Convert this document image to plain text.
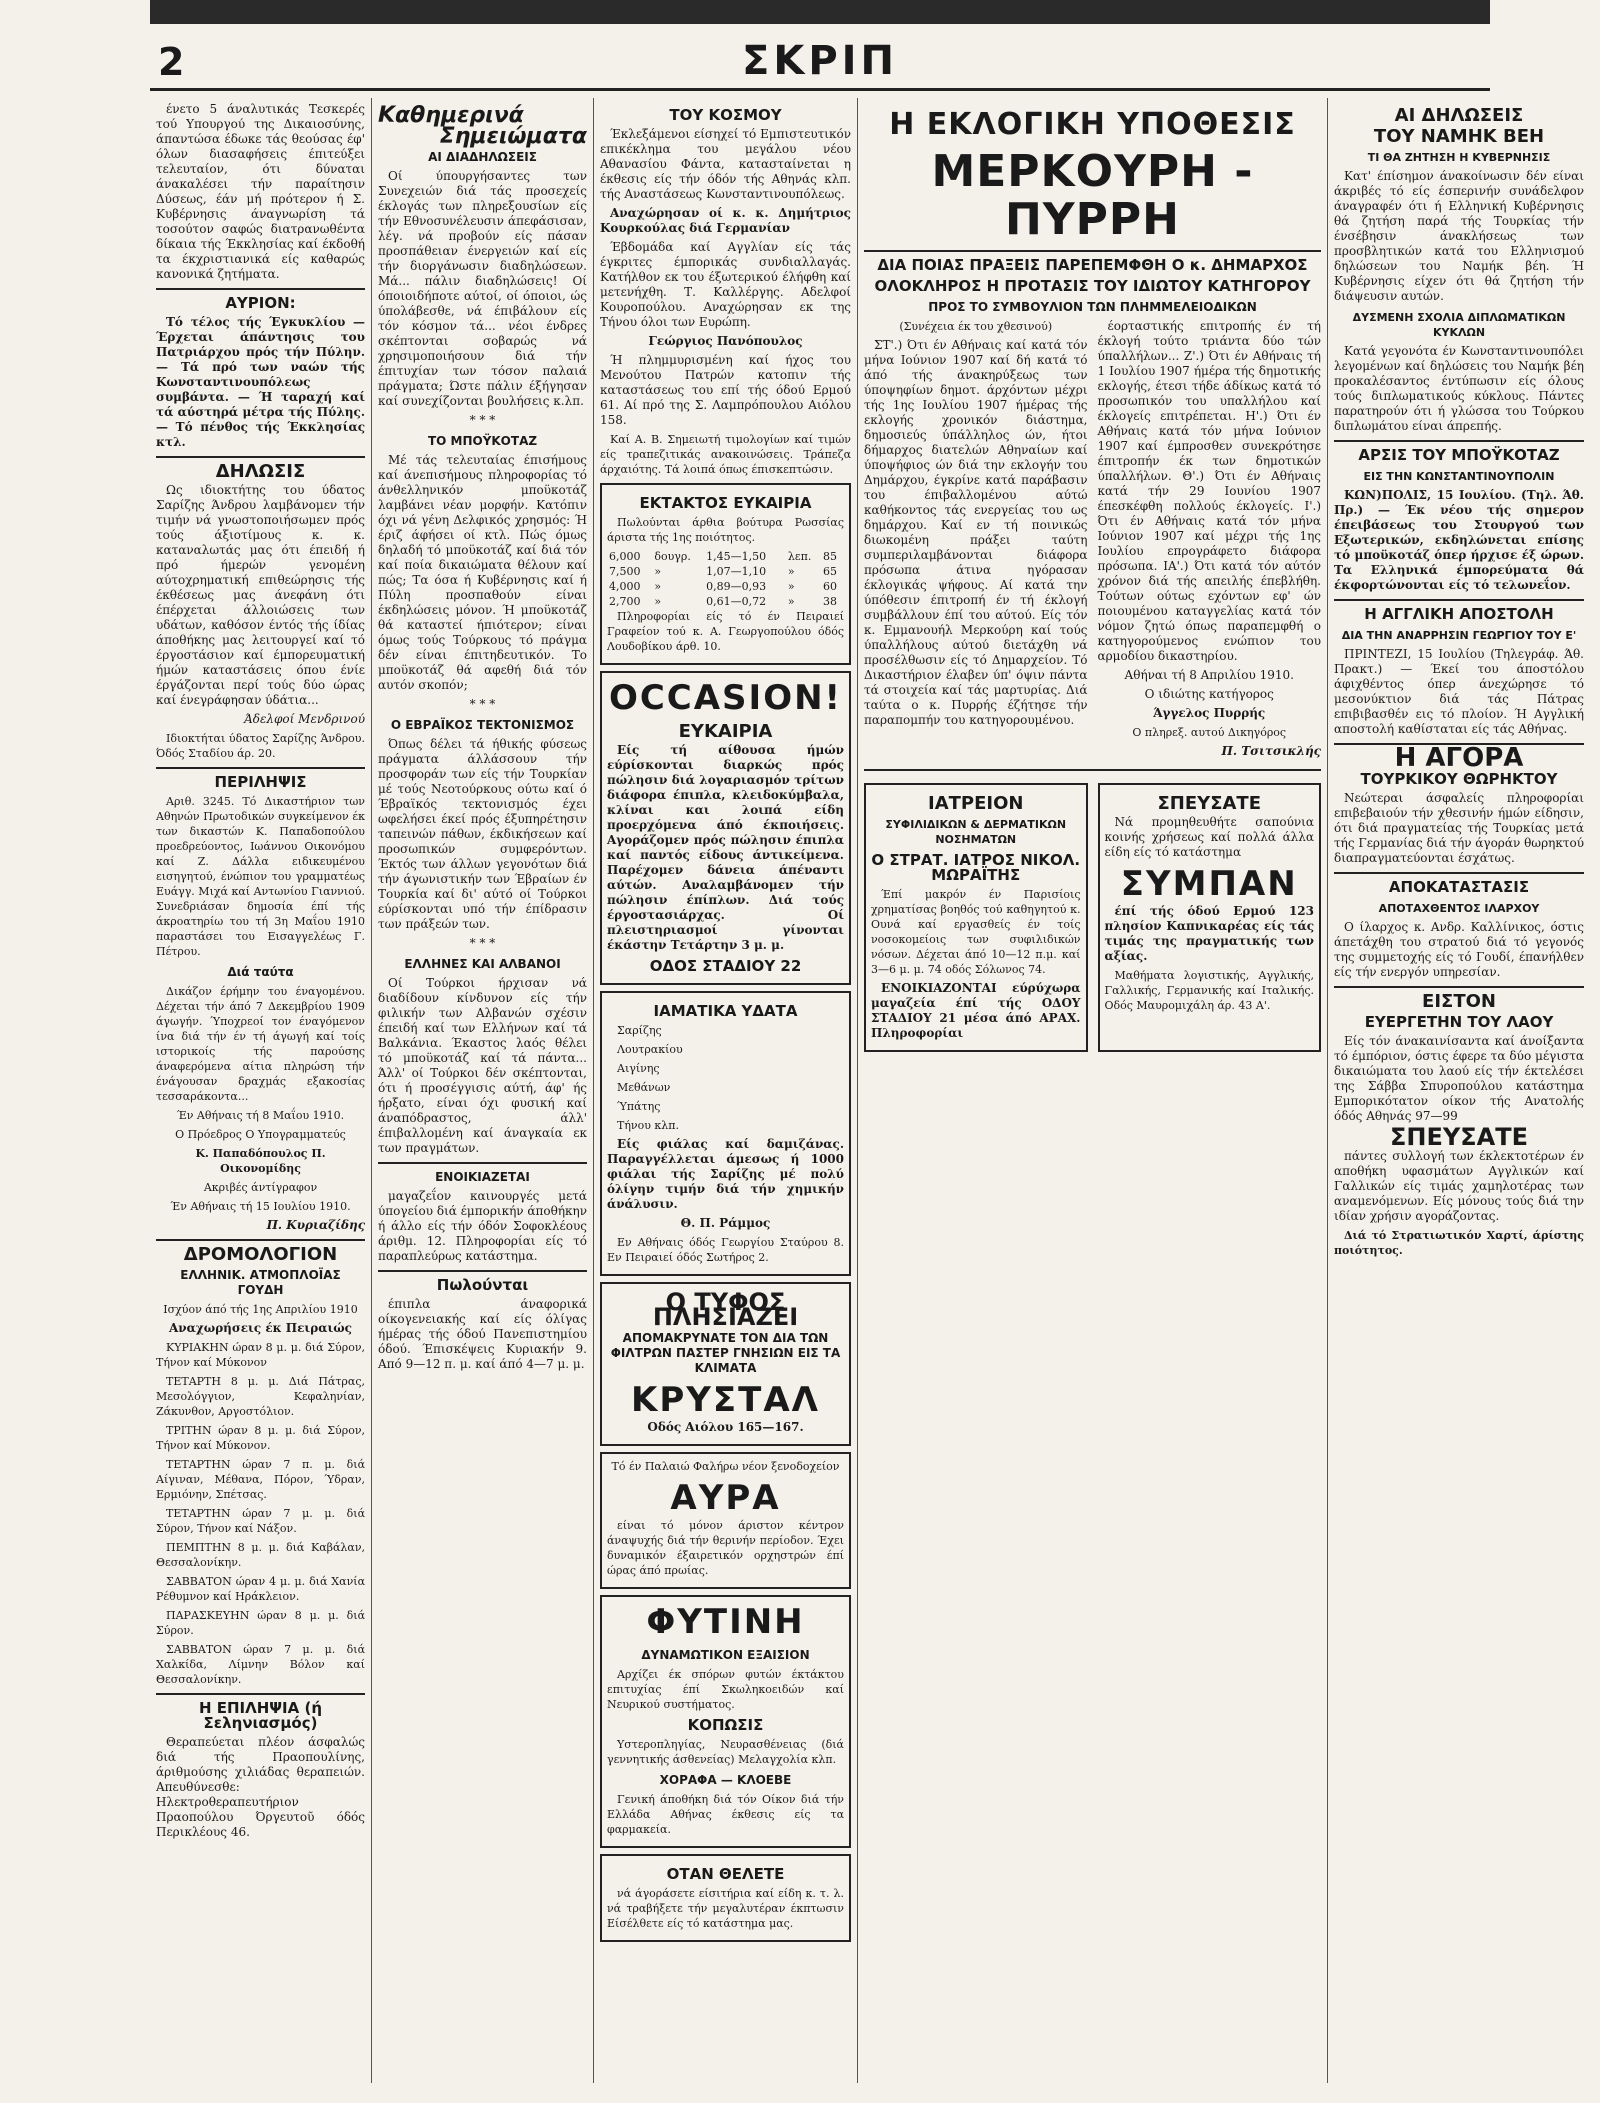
2	ΣΚΡΙΠ

ένετο 5 άναλυτικάς Τεσκερές τού Υπουργού της Δικαιοσύνης, άπαντώσα έδωκε τάς θεούσας έφ' όλων διασαφήσεις έπιτεύξει τελευταίον, ότι δύναται άνακαλέσει τήν παραίτησιν Δύσεως, έάν μή πρότερον ή Σ. Κυβέρνησις άναγνωρίση τά τοσούτον σαφώς διατρανωθέντα δίκαια τής Έκκλησίας καί έκδοθή τα έκχριστιανικά είς καθαρώς κανονικά ζητήματα.

ΑΥΡΙΟΝ:

Τό τέλος τής Έγκυκλίου — Έρχεται άπάντησις του Πατριάρχου πρός τήν Πύλην. — Τά πρό των ναών τής Κωνσταντινουπόλεως συμβάντα. — Ή ταραχή καί τά αύστηρά μέτρα τής Πύλης. — Τό πένθος τής Έκκλησίας κτλ.

ΔΗΛΩΣΙΣ

Ως ιδιοκτήτης του ύδατος Σαρίζης Άνδρου λαμβάνομεν τήν τιμήν νά γνωστοποιήσωμεν πρός τούς άξιοτίμους κ. κ. καταναλωτάς μας ότι έπειδή ή πρό ήμερών γενομένη αύτοχρηματική επιθεώρησις τής έκθέσεως μας άνεφάνη ότι έπέρχεται άλλοιώσεις των υδάτων, καθόσον έντός τής ίδίας άποθήκης μας λειτουργεί καί τό έργοστάσιον καί έμπορευματική ήμών καταστάσεις όπου ένίε έργάζονται περί τούς δύο ώρας καί ένεγράφησαν ύδάτια...

Άδελφοί Μενδρινού

Ιδιοκτήται ύδατος Σαρίζης Άνδρου. Όδός Σταδίου άρ. 20.

ΠΕΡΙΛΗΨΙΣ

Αριθ. 3245. Τό Δικαστήριον των Αθηνών Πρωτοδικών συγκείμενον έκ των δικαστών Κ. Παπαδοπούλου προεδρεύοντος, Ιωάννου Οικονόμου καί Ζ. Δάλλα ειδικευμένου εισηγητού, ένώπιον του γραμματέως Ευάγγ. Μιχά καί Αντωνίου Γιαννιού. Συνεδριάσαν δημοσία έπί τής άκροατηρίω του τή 3η Μαΐου 1910 παραστάσει του Εισαγγελέως Γ. Πέτρου.

Διά ταύτα

Δικάζον έρήμην του έναγομένου. Δέχεται τήν άπό 7 Δεκεμβρίου 1909 άγωγήν. Ύποχρεοί τον έναγόμενον ίνα διά τήν έν τή άγωγή καί τοίς ιστορικοίς τής παρούσης άναφερόμενα αίτια πληρώση τήν ένάγουσαν δραχμάς εξακοσίας τεσσαράκοντα...

Έν Αθήναις τή 8 Μαΐου 1910.

Ο Πρόεδρος Ο Υπογραμματεύς

Κ. Παπαδόπουλος Π. Οικονομίδης

Ακριβές άντίγραφον

Έν Αθήναις τή 15 Ιουλίου 1910.

Π. Κυριαζίδης

ΔΡΟΜΟΛΟΓΙΟΝ
ΕΛΛΗΝΙΚ. ΑΤΜΟΠΛΟΪΑΣ ΓΟΥΔΗ

Ισχύον άπό τής 1ης Απριλίου 1910

Αναχωρήσεις έκ Πειραιώς

ΚΥΡΙΑΚΗΝ ώραν 8 μ. μ. διά Σύρον, Τήνον καί Μύκονον

ΤΕΤΑΡΤΗ 8 μ. μ. Διά Πάτρας, Μεσολόγγιον, Κεφαληνίαν, Ζάκυνθον, Αργοστόλιον.

ΤΡΙΤΗΝ ώραν 8 μ. μ. διά Σύρον, Τήνον καί Μύκονον.

ΤΕΤΑΡΤΗΝ ώραν 7 π. μ. διά Αίγιναν, Μέθανα, Πόρον, Ύδραν, Ερμιόνην, Σπέτσας.

ΤΕΤΑΡΤΗΝ ώραν 7 μ. μ. διά Σύρον, Τήνον καί Νάξον.

ΠΕΜΠΤΗΝ 8 μ. μ. διά Καβάλαν, Θεσσαλονίκην.

ΣΑΒΒΑΤΟΝ ώραν 4 μ. μ. διά Χανία Ρέθυμνον καί Ηράκλειον.

ΠΑΡΑΣΚΕΥΗΝ ώραν 8 μ. μ. διά Σύρον.

ΣΑΒΒΑΤΟΝ ώραν 7 μ. μ. διά Χαλκίδα, Λίμνην Βόλον καί Θεσσαλονίκην.

Η ΕΠΙΛΗΨΙΑ (ή Σεληνιασμός)

Θεραπεύεται πλέον άσφαλώς διά τής Πραοπουλίνης, άριθμούσης χιλιάδας θεραπειών. Απευθύνεσθε: Ηλεκτροθεραπευτήριον Πραοπούλου Όργευτοῦ όδός Περικλέους 46.

Καθημερινά
Σημειώματα
ΑΙ ΔΙΑΔΗΛΩΣΕΙΣ

Οί ύπουργήσαντες των Συνεχειών διά τάς προσεχείς έκλογάς των πληρεξουσίων είς τήν Εθνοσυνέλευσιν άπεφάσισαν, λέγ. νά προβούν είς πάσαν προσπάθειαν ένεργειών καί είς τήν διοργάνωσιν διαδηλώσεων. Μά... πάλιν διαδηλώσεις! Οί όποιοιδήποτε αύτοί, οί όποιοι, ώς ύπολάβεσθε, νά έπιβάλουν είς τόν κόσμον τά... νέοι ένδρες σκέπτονται σοβαρώς νά χρησιμοποιήσουν διά τήν έπιτυχίαν των τόσον παλαιά πράγματα; Ώστε πάλιν έξήγησαν καί συνεχίζονται βουλήσεις κ.λπ.

* * *
ΤΟ ΜΠΟΫΚΟΤΑΖ

Μέ τάς τελευταίας έπισήμους καί άνεπισήμους πληροφορίας τό άνθελληνικόν μποϋκοτάζ λαμβάνει νέαν μορφήν. Κατόπιν όχι νά γένη Δελφικός χρησμός: Ή έριζ άφήσει οί κτλ. Πώς όμως δηλαδή τό μποϋκοτάζ καί διά τόν καί ποία δικαιώματα θέλουν καί πώς; Τα όσα ή Κυβέρνησις καί ή Πύλη προσπαθούν είναι έκδηλώσεις μόνον. Ή μποϋκοτάζ θά καταστεί ήπιότερον; είναι όμως τούς Τούρκους τό πράγμα δέν είναι έπιτηδευτικόν. Το μποϋκοτάζ θά αφεθή διά τόν αυτόν σκοπόν;

* * *
Ο ΕΒΡΑΪΚΟΣ ΤΕΚΤΟΝΙΣΜΟΣ

Όπως δέλει τά ήθικής φύσεως πράγματα άλλάσσουν τήν προσφοράν των είς τήν Τουρκίαν μέ τούς Νεοτούρκους ούτω καί ό Έβραϊκός τεκτονισμός έχει ωφελήσει έκεί πρός έξυπηρέτησιν ταπεινών πάθων, έκδικήσεων καί προσωπικών συμφερόντων. Έκτός των άλλων γεγονότων διά τήν άγωνιστικήν των Έβραίων έν Τουρκία καί δι' αύτό οί Τούρκοι εύρίσκονται υπό τήν έπίδρασιν των πράξεών των.

* * *
ΕΛΛΗΝΕΣ ΚΑΙ ΑΛΒΑΝΟΙ

Οί Τούρκοι ήρχισαν νά διαδίδουν κίνδυνον είς τήν φιλικήν των Αλβανών σχέσιν έπειδή καί των Ελλήνων καί τά Βαλκάνια. Έκαστος λαός θέλει τό μποϋκοτάζ καί τά πάντα... Άλλ' οί Τούρκοι δέν σκέπτονται, ότι ή προσέγγισις αύτή, άφ' ής ήρξατο, είναι όχι φυσική καί άναπόδραστος, άλλ' έπιβαλλομένη καί άναγκαία εκ των πραγμάτων.

ΕΝΟΙΚΙΑΖΕΤΑΙ

μαγαζεΐον καινουργές μετά ύπογείου διά έμπορικήν άποθήκην ή άλλο είς τήν όδόν Σοφοκλέους άριθμ. 12. Πληροφορίαι είς τό παραπλεύρως κατάστημα.

Πωλούνται

έπιπλα άναφορικά οίκογενειακής καί είς όλίγας ήμέρας τής όδού Πανεπιστημίου όδού. Έπισκέψεις Κυριακήν 9. Από 9—12 π. μ. καί άπό 4—7 μ. μ.

ΤΟΥ ΚΟΣΜΟΥ

Έκλεξάμενοι είσηχεί τό Εμπιστευτικόν επικέκλημα του μεγάλου νέου Αθανασίου Φάντα, κατασταίνεται η έκθεσις είς τήν όδόν τής Αθηνάς κλπ. τής Αναστάσεως Κωνσταντινουπόλεως.

Αναχώρησαν οί κ. κ. Δημήτριος Κουρκούλας διά Γερμανίαν

Έβδομάδα καί Αγγλίαν είς τάς έγκριτες έμπορικάς συνδιαλλαγάς. Κατήλθον εκ του έξωτερικού έλήφθη καί μετενήχθη. Τ. Καλλέργης. Αδελφοί Κουροπούλου. Αναχώρησαν εκ της Τήνου όλοι των Ευρώπη.

Γεώργιος Πανόπουλος

Ή πλημμυρισμένη καί ήχος του Μενούτου Πατρών κατοπιν τής καταστάσεως του επί τής όδού Ερμού 61. Αί πρό της Σ. Λαμπρόπουλου Αιόλου 158.

Καί Α. Β. Σημειωτή τιμολογίων καί τιμών είς τραπεζιτικάς ανακοινώσεις. Τράπεζα άρχαιότης. Τά λοιπά όπως έπισκεπτώσιν.

ΕΚΤΑΚΤΟΣ ΕΥΚΑΙΡΙΑ

Πωλούνται άρθια βούτυρα Ρωσσίας άριστα τής 1ης ποιότητος.

6,000	δουγρ.	1,45—1,50	λεπ.	85
7,500	»	1,07—1,10	»	65
4,000	»	0,89—0,93	»	60
2,700	»	0,61—0,72	»	38

Πληροφορίαι είς τό έν Πειραιεί Γραφείον τού κ. Α. Γεωργοπούλου όδός Λουδοβίκου άρθ. 10.

OCCASION!
ΕΥΚΑΙΡΙΑ

Είς τή αίθουσα ήμών εύρίσκονται διαρκώς πρός πώλησιν διά λογαριασμόν τρίτων διάφορα έπιπλα, κλειδοκύμβαλα, κλίναι και λοιπά είδη προερχόμενα άπό έκποιήσεις. Αγοράζομεν πρός πώλησιν έπιπλα καί παντός είδους άντικείμενα. Παρέχομεν δάνεια άπέναντι αύτών. Αναλαμβάνομεν τήν πώλησιν έπίπλων. Διά τούς έργοστασιάρχας. Οί πλειστηριασμοί γίνονται έκάστην Τετάρτην 3 μ. μ.

ΟΔΟΣ ΣΤΑΔΙΟΥ 22
ΙΑΜΑΤΙΚΑ ΥΔΑΤΑ

Σαρίζης

Λουτρακίου

Αιγίνης

Μεθάνων

Ύπάτης

Τήνου κλπ.

Είς φιάλας καί δαμιζάνας. Παραγγέλλεται άμεσως ή 1000 φιάλαι τής Σαρίζης μέ πολύ όλίγην τιμήν διά τήν χημικήν άνάλυσιν.

Θ. Π. Ράμμος

Εν Αθήναις όδός Γεωργίου Σταύρου 8. Εν Πειραιεί όδός Σωτήρος 2.

Ο ΤΥΦΟΣ ΠΛΗΣΙΑΖΕΙ
ΑΠΟΜΑΚΡΥΝΑΤΕ ΤΟΝ ΔΙΑ ΤΩΝ ΦΙΛΤΡΩΝ ΠΑΣΤΕΡ ΓΝΗΣΙΩΝ ΕΙΣ ΤΑ ΚΛΙΜΑΤΑ
ΚΡΥΣΤΑΛ

Οδός Αιόλου 165—167.

Τό έν Παλαιώ Φαλήρω νέον ξενοδοχείον

ΑΥΡΑ

είναι τό μόνον άριστον κέντρον άναψυχής διά τήν θερινήν περίοδον. Έχει δυναμικόν έξαιρετικόν ορχηστρών έπί ώρας άπό πρωίας.

ΦΥΤΙΝΗ
ΔΥΝΑΜΩΤΙΚΟΝ ΕΞΑΙΣΙΟΝ

Αρχίζει έκ σπόρων φυτών έκτάκτου επιτυχίας έπί Σκωληκοειδών καί Νευρικού συστήματος.

ΚΟΠΩΣΙΣ

Υστεροπληγίας, Νευρασθένειας (διά γεννητικής άσθενείας) Μελαγχολία κλπ.

ΧΟΡΑΦΑ — ΚΛΟΕΒΕ

Γενική άποθήκη διά τόν Οίκον διά τήν Ελλάδα Αθήνας έκθεσις είς τα φαρμακεία.

ΟΤΑΝ ΘΕΛΕΤΕ

νά άγοράσετε είσιτήρια καί είδη κ. τ. λ. νά τραβήξετε τήν μεγαλυτέραν έκπτωσιν Είσέλθετε είς τό κατάστημα μας.

Η ΕΚΛΟΓΙΚΗ ΥΠΟΘΕΣΙΣ
ΜΕΡΚΟΥΡΗ - ΠΥΡΡΗ
ΔΙΑ ΠΟΙΑΣ ΠΡΑΞΕΙΣ ΠΑΡΕΠΕΜΦΘΗ Ο κ. ΔΗΜΑΡΧΟΣ
ΟΛΟΚΛΗΡΟΣ Η ΠΡΟΤΑΣΙΣ ΤΟΥ ΙΔΙΩΤΟΥ ΚΑΤΗΓΟΡΟΥ
ΠΡΟΣ ΤΟ ΣΥΜΒΟΥΛΙΟΝ ΤΩΝ ΠΛΗΜΜΕΛΕΙΟΔΙΚΩΝ

(Συνέχεια έκ του χθεσινού)

ΣΤ'.) Ότι έν Αθήναις καί κατά τόν μήνα Ιούνιον 1907 καί δή κατά τό άπό τής άνακηρύξεως των ύποψηφίων δημοτ. άρχόντων μέχρι τής 1ης Ιουλίου 1907 ήμέρας τής εκλογής χρονικόν διάστημα, δημοσιεύς ύπάλληλος ών, ήτοι δήμαρχος διατελών Αθηναίων καί ύποψήφιος ών διά την εκλογήν του Δημάρχου, έγκρίνε κατά παράβασιν του έπιβαλλομένου αύτώ καθήκοντος τάς ενεργείας του ως δημάρχου. Καί εν τή ποινικώς διωκομένη πράξει ταύτη συμπεριλαμβάνονται διάφορα πρόσωπα άτινα ηγόρασαν έκλογικάς ψήφους. Αί κατά την ύπόθεσιν έπιτροπή έν τή έκλογή συμβάλλουν έπί του αύτού. Είς τόν κ. Εμμανουήλ Μερκούρη καί τούς ύπαλλήλους αύτού διετάχθη νά προσέλθωσιν είς τό Δημαρχείον. Τό Δικαστήριον έλαβεν ύπ' όψιν πάντα τά στοιχεία καί τάς μαρτυρίας. Διά ταύτα ο κ. Πυρρής έζήτησε τήν παραπομπήν του κατηγορουμένου.

έορταστικής επιτροπής έν τή έκλογή τούτο τριάντα δύο τών ύπαλλήλων... Ζ'.) Ότι έν Αθήναις τή 1 Ιουλίου 1907 ήμέρα τής δημοτικής εκλογής, έτεσι τήδε άδίκως κατά τό προσωπικόν του υπαλλήλου καί έκλογείς επιτρέπεται. Η'.) Ότι έν Αθήναις κατά τόν μήνα Ιούνιον 1907 καί έμπροσθεν συνεκρότησε έπιτροπήν έκ των δημοτικών ύπαλλήλων. Θ'.) Ότι έν Αθήναις κατά τήν 29 Ιουνίου 1907 έπεσκέφθη πολλούς έκλογείς. Ι'.) Ότι έν Αθήναις κατά τόν μήνα Ιούνιον 1907 καί μέχρι τής 1ης Ιουλίου επρογράφετο διάφορα πρόσωπα. ΙΑ'.) Ότι κατά τόν αύτόν χρόνον διά τής απειλής έπεβλήθη. Τούτων ούτως εχόντων εφ' ών ποιουμένου καταγγελίας κατά τόν νόμον ζητώ όπως παραπεμφθή ο κατηγορούμενος ενώπιον του αρμοδίου δικαστηρίου.

Αθήναι τή 8 Απριλίου 1910.

Ο ιδιώτης κατήγορος

Άγγελος Πυρρής

Ο πληρεξ. αυτού Δικηγόρος

Π. Τσιτσικλής

ΙΑΤΡΕΙΟΝ
ΣΥΦΙΛΙΔΙΚΩΝ & ΔΕΡΜΑΤΙΚΩΝ ΝΟΣΗΜΑΤΩΝ
Ο ΣΤΡΑΤ. ΙΑΤΡΟΣ ΝΙΚΟΛ. ΜΩΡΑΪΤΗΣ

Έπί μακρόν έν Παρισίοις χρηματίσας βοηθός τού καθηγητού κ. Ουνά καί εργασθείς έν τοίς νοσοκομείοις των συφιλιδικών νόσων. Δέχεται άπό 10—12 π.μ. καί 3—6 μ. μ. 74 οδός Σόλωνος 74.

ΕΝΟΙΚΙΑΖΟΝΤΑΙ εύρύχωρα μαγαζεία έπί τής ΟΔΟΥ ΣΤΑΔΙΟΥ 21 μέσα άπό ΑΡΑΧ. Πληροφορίαι

ΣΠΕΥΣΑΤΕ

Νά προμηθευθήτε σαπούνια κοινής χρήσεως καί πολλά άλλα είδη είς τό κατάστημα

ΣΥΜΠΑΝ

έπί τής όδού Ερμού 123 πλησίον Καπνικαρέας είς τάς τιμάς της πραγματικής των αξίας.

Μαθήματα λογιστικής, Αγγλικής, Γαλλικής, Γερμανικής καί Ιταλικής. Οδός Μαυρομιχάλη άρ. 43 Α'.

ΑΙ ΔΗΛΩΣΕΙΣ
ΤΟΥ ΝΑΜΗΚ ΒΕΗ
ΤΙ ΘΑ ΖΗΤΗΣΗ Η ΚΥΒΕΡΝΗΣΙΣ

Κατ' έπίσημον άνακοίνωσιν δέν είναι άκριβές τό είς έσπερινήν συνάδελφον άναγραφέν ότι ή Ελληνική Κυβέρνησις θά ζητήση παρά τής Τουρκίας τήν ένσέβησιν άνακλήσεως των προσβλητικών κατά του Ελληνισμού δηλώσεων του Ναμήκ βέη. Ή Κυβέρνησις είχεν ότι θά ζητήση τήν διάψευσιν αυτών.

ΔΥΣΜΕΝΗ ΣΧΟΛΙΑ ΔΙΠΛΩΜΑΤΙΚΩΝ ΚΥΚΛΩΝ

Κατά γεγονότα έν Κωνσταντινουπόλει λεγομένων καί δηλώσεις του Ναμήκ βέη προκαλέσαντος έντύπωσιν είς όλους τούς διπλωματικούς κύκλους. Πάντες παρατηρούν ότι ή γλώσσα του Τούρκου διπλωμάτου είναι άπρεπής.

ΑΡΣΙΣ ΤΟΥ ΜΠΟΫΚΟΤΑΖ
ΕΙΣ ΤΗΝ ΚΩΝΣΤΑΝΤΙΝΟΥΠΟΛΙΝ

ΚΩΝ)ΠΟΛΙΣ, 15 Ιουλίου. (Τηλ. Άθ. Πρ.) — Έκ νέου τής σημερον έπειβάσεως του Στουργού των Εξωτερικών, εκδηλώνεται επίσης τό μποϋκοτάζ όπερ ήρχισε έξ ώρων. Τα Ελληνικά έμπορεύματα θά έκφορτώνονται είς τό τελωνεΐον.

Η ΑΓΓΛΙΚΗ ΑΠΟΣΤΟΛΗ
ΔΙΑ ΤΗΝ ΑΝΑΡΡΗΣΙΝ ΓΕΩΡΓΙΟΥ ΤΟΥ Ε'

ΠΡΙΝΤΕΖΙ, 15 Ιουλίου (Τηλεγράφ. Άθ. Πρακτ.) — Έκεί του άποστόλου άφιχθέντος όπερ άνεχώρησε τό μεσονύκτιον διά τάς Πάτρας επιβιβασθέν εις τό πλοίον. Ή Αγγλική αποστολή καθίσταται είς τάς Αθήνας.

Η ΑΓΟΡΑ
ΤΟΥΡΚΙΚΟΥ ΘΩΡΗΚΤΟΥ

Νεώτεραι άσφαλείς πληροφορίαι επιβεβαιούν τήν χθεσινήν ήμών είδησιν, ότι διά πραγματείας τής Τουρκίας μετά τής Γερμανίας διά τήν άγοράν θωρηκτού διαπραγματεύονται έσχάτως.

ΑΠΟΚΑΤΑΣΤΑΣΙΣ
ΑΠΟΤΑΧΘΕΝΤΟΣ ΙΛΑΡΧΟΥ

Ο ίλαρχος κ. Ανδρ. Καλλίνικος, όστις άπετάχθη του στρατού διά τό γεγονός της συμμετοχής είς τό Γουδί, έπανήλθεν είς τήν ενεργόν υπηρεσίαν.

ΕΙΣΤΟΝ
ΕΥΕΡΓΕΤΗΝ ΤΟΥ ΛΑΟΥ

Είς τόν άνακαινίσαντα καί άνοίξαντα τό έμπόριον, όστις έφερε τα δύο μέγιστα δικαιώματα του λαού είς τήν έκτελέσει της Σάββα Σπυροπούλου κατάστημα Εμπορικότατον οίκον τής Ανατολής όδός Αθηνάς 97—99

ΣΠΕΥΣΑΤΕ

πάντες συλλογή των έκλεκτοτέρων έν αποθήκη υφασμάτων Αγγλικών καί Γαλλικών είς τιμάς χαμηλοτέρας των αναμενόμενων. Είς μόνους τούς διά την ιδίαν χρήσιν αγοράζοντας.

Διά τό Στρατιωτικόν Χαρτί, άρίστης ποιότητος.
